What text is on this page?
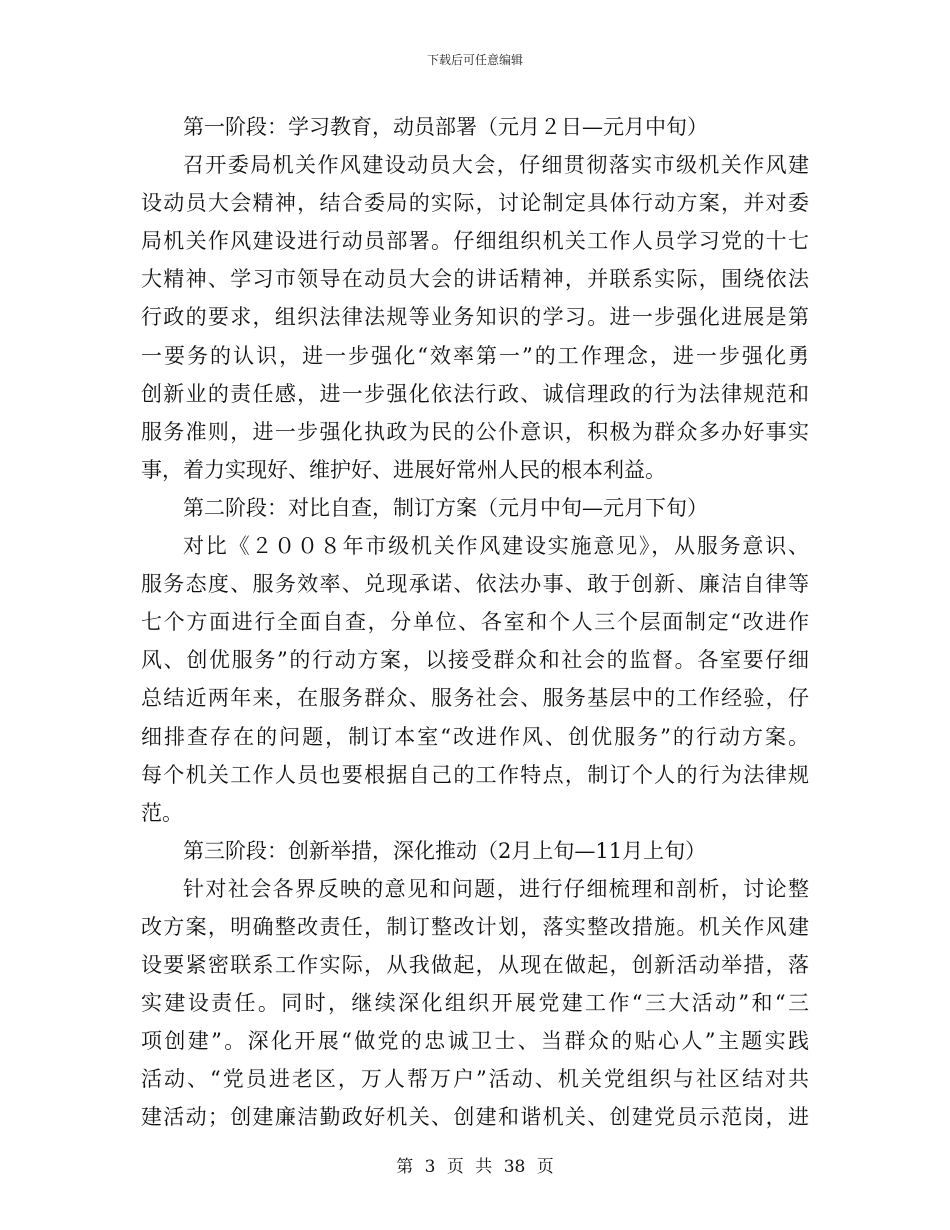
下载后可任意编辑
第一阶段：学习教育，动员部署（元月２日—元月中旬）
召开委局机关作风建设动员大会，仔细贯彻落实市级机关作风建
设动员大会精神，结合委局的实际，讨论制定具体行动方案，并对委
局机关作风建设进行动员部署。仔细组织机关工作人员学习党的十七
大精神、学习市领导在动员大会的讲话精神，并联系实际，围绕依法
行政的要求，组织法律法规等业务知识的学习。进一步强化进展是第
一要务的认识，进一步强化“效率第一”的工作理念，进一步强化勇
创新业的责任感，进一步强化依法行政、诚信理政的行为法律规范和
服务准则，进一步强化执政为民的公仆意识，积极为群众多办好事实
事，着力实现好、维护好、进展好常州人民的根本利益。
第二阶段：对比自查，制订方案（元月中旬—元月下旬）
对比《２００８年市级机关作风建设实施意见》，从服务意识、
服务态度、服务效率、兑现承诺、依法办事、敢于创新、廉洁自律等
七个方面进行全面自查，分单位、各室和个人三个层面制定“改进作
风、创优服务”的行动方案，以接受群众和社会的监督。各室要仔细
总结近两年来，在服务群众、服务社会、服务基层中的工作经验，仔
细排查存在的问题，制订本室“改进作风、创优服务”的行动方案。
每个机关工作人员也要根据自己的工作特点，制订个人的行为法律规
范。
第三阶段：创新举措，深化推动（2月上旬—11月上旬）
针对社会各界反映的意见和问题，进行仔细梳理和剖析，讨论整
改方案，明确整改责任，制订整改计划，落实整改措施。机关作风建
设要紧密联系工作实际，从我做起，从现在做起，创新活动举措，落
实建设责任。同时，继续深化组织开展党建工作“三大活动”和“三
项创建”。深化开展“做党的忠诚卫士、当群众的贴心人”主题实践
活动、“党员进老区，万人帮万户”活动、机关党组织与社区结对共
建活动；创建廉洁勤政好机关、创建和谐机关、创建党员示范岗，进
第 3 页 共 38 页
